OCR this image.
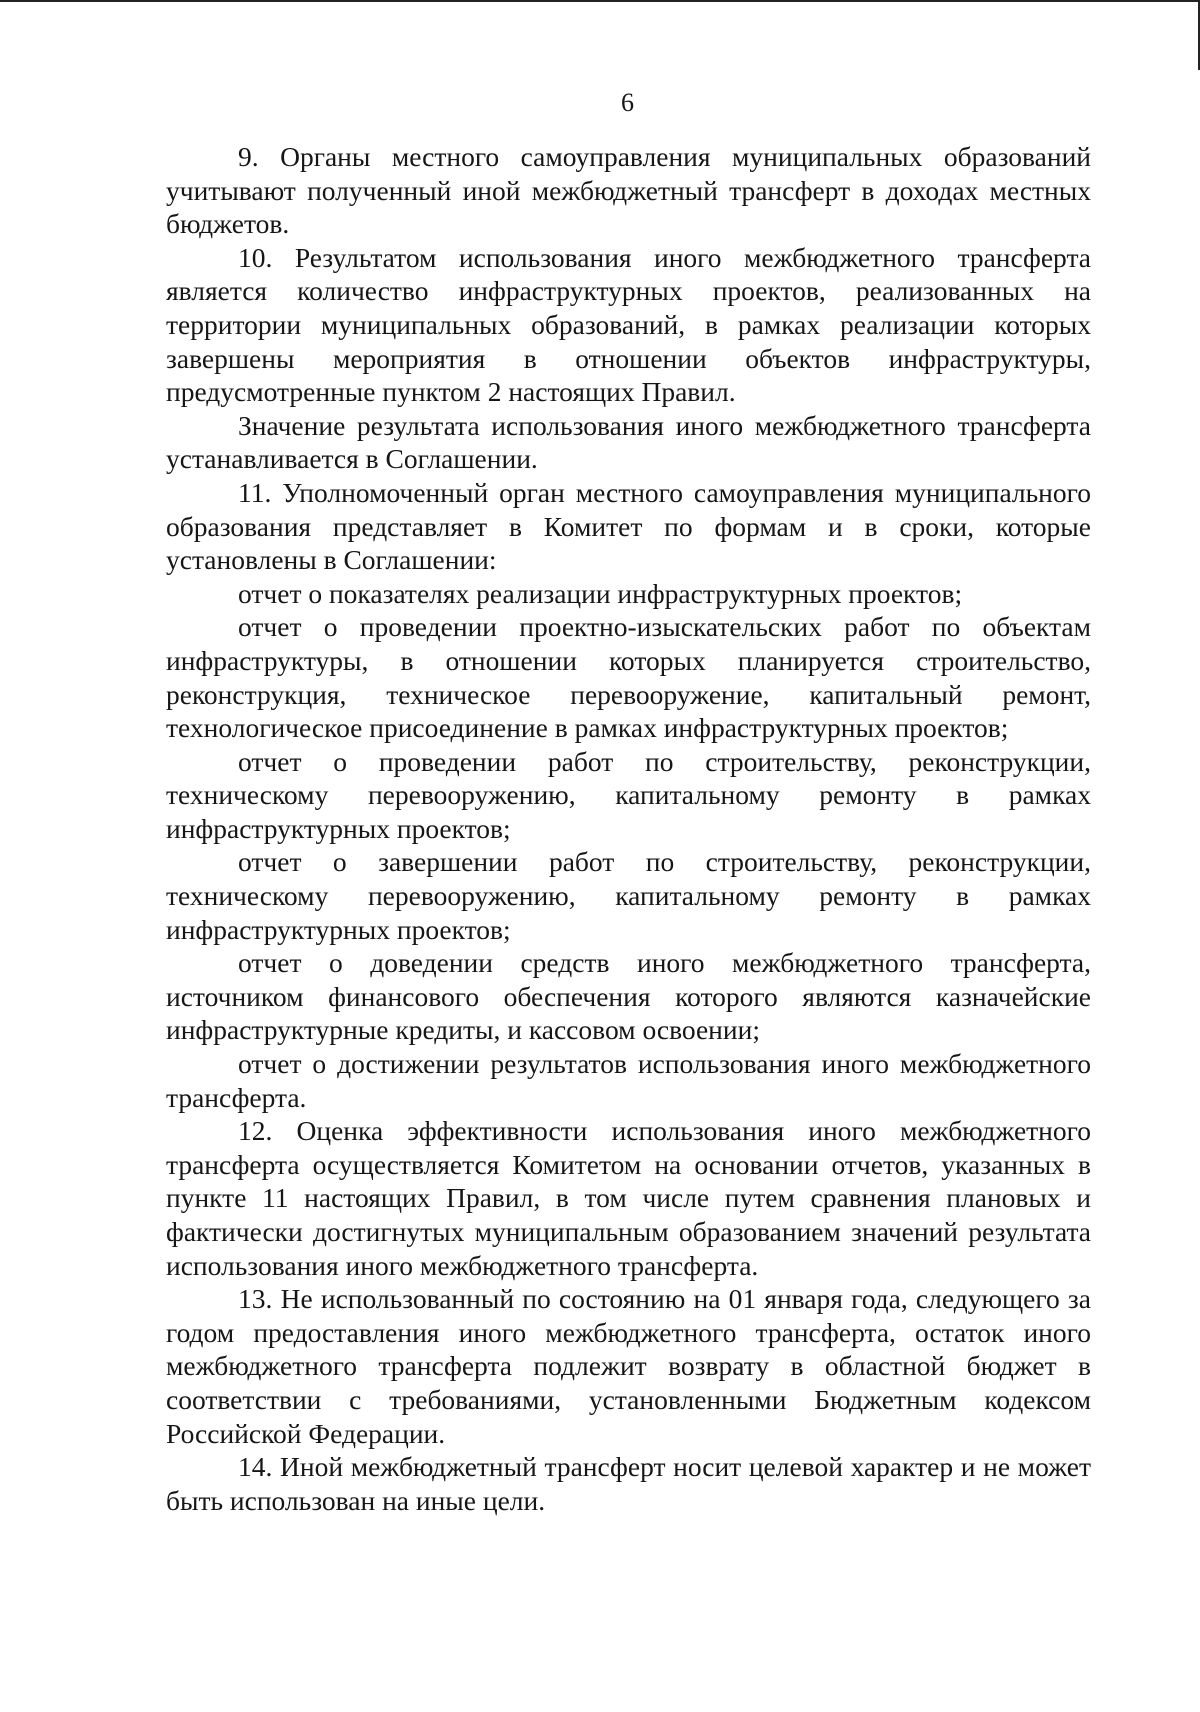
6

9. Органы местного самоуправления муниципальных образований учитывают полученный иной межбюджетный трансферт в доходах местных бюджетов.

10. Результатом использования иного межбюджетного трансферта является количество инфраструктурных проектов, реализованных на территории муниципальных образований, в рамках реализации которых завершены мероприятия в отношении объектов инфраструктуры, предусмотренные пунктом 2 настоящих Правил.

Значение результата использования иного межбюджетного трансферта устанавливается в Соглашении.

11. Уполномоченный орган местного самоуправления муниципального образования представляет в Комитет по формам и в сроки, которые установлены в Соглашении:

отчет о показателях реализации инфраструктурных проектов;

отчет о проведении проектно-изыскательских работ по объектам инфраструктуры, в отношении которых планируется строительство, реконструкция, техническое перевооружение, капитальный ремонт, технологическое присоединение в рамках инфраструктурных проектов;

отчет о проведении работ по строительству, реконструкции, техническому перевооружению, капитальному ремонту в рамках инфраструктурных проектов;

отчет о завершении работ по строительству, реконструкции, техническому перевооружению, капитальному ремонту в рамках инфраструктурных проектов;

отчет о доведении средств иного межбюджетного трансферта, источником финансового обеспечения которого являются казначейские инфраструктурные кредиты, и кассовом освоении;

отчет о достижении результатов использования иного межбюджетного трансферта.

12. Оценка эффективности использования иного межбюджетного трансферта осуществляется Комитетом на основании отчетов, указанных в пункте 11 настоящих Правил, в том числе путем сравнения плановых и фактически достигнутых муниципальным образованием значений результата использования иного межбюджетного трансферта.

13. Не использованный по состоянию на 01 января года, следующего за годом предоставления иного межбюджетного трансферта, остаток иного межбюджетного трансферта подлежит возврату в областной бюджет в соответствии с требованиями, установленными Бюджетным кодексом Российской Федерации.

14. Иной межбюджетный трансферт носит целевой характер и не может быть использован на иные цели.
